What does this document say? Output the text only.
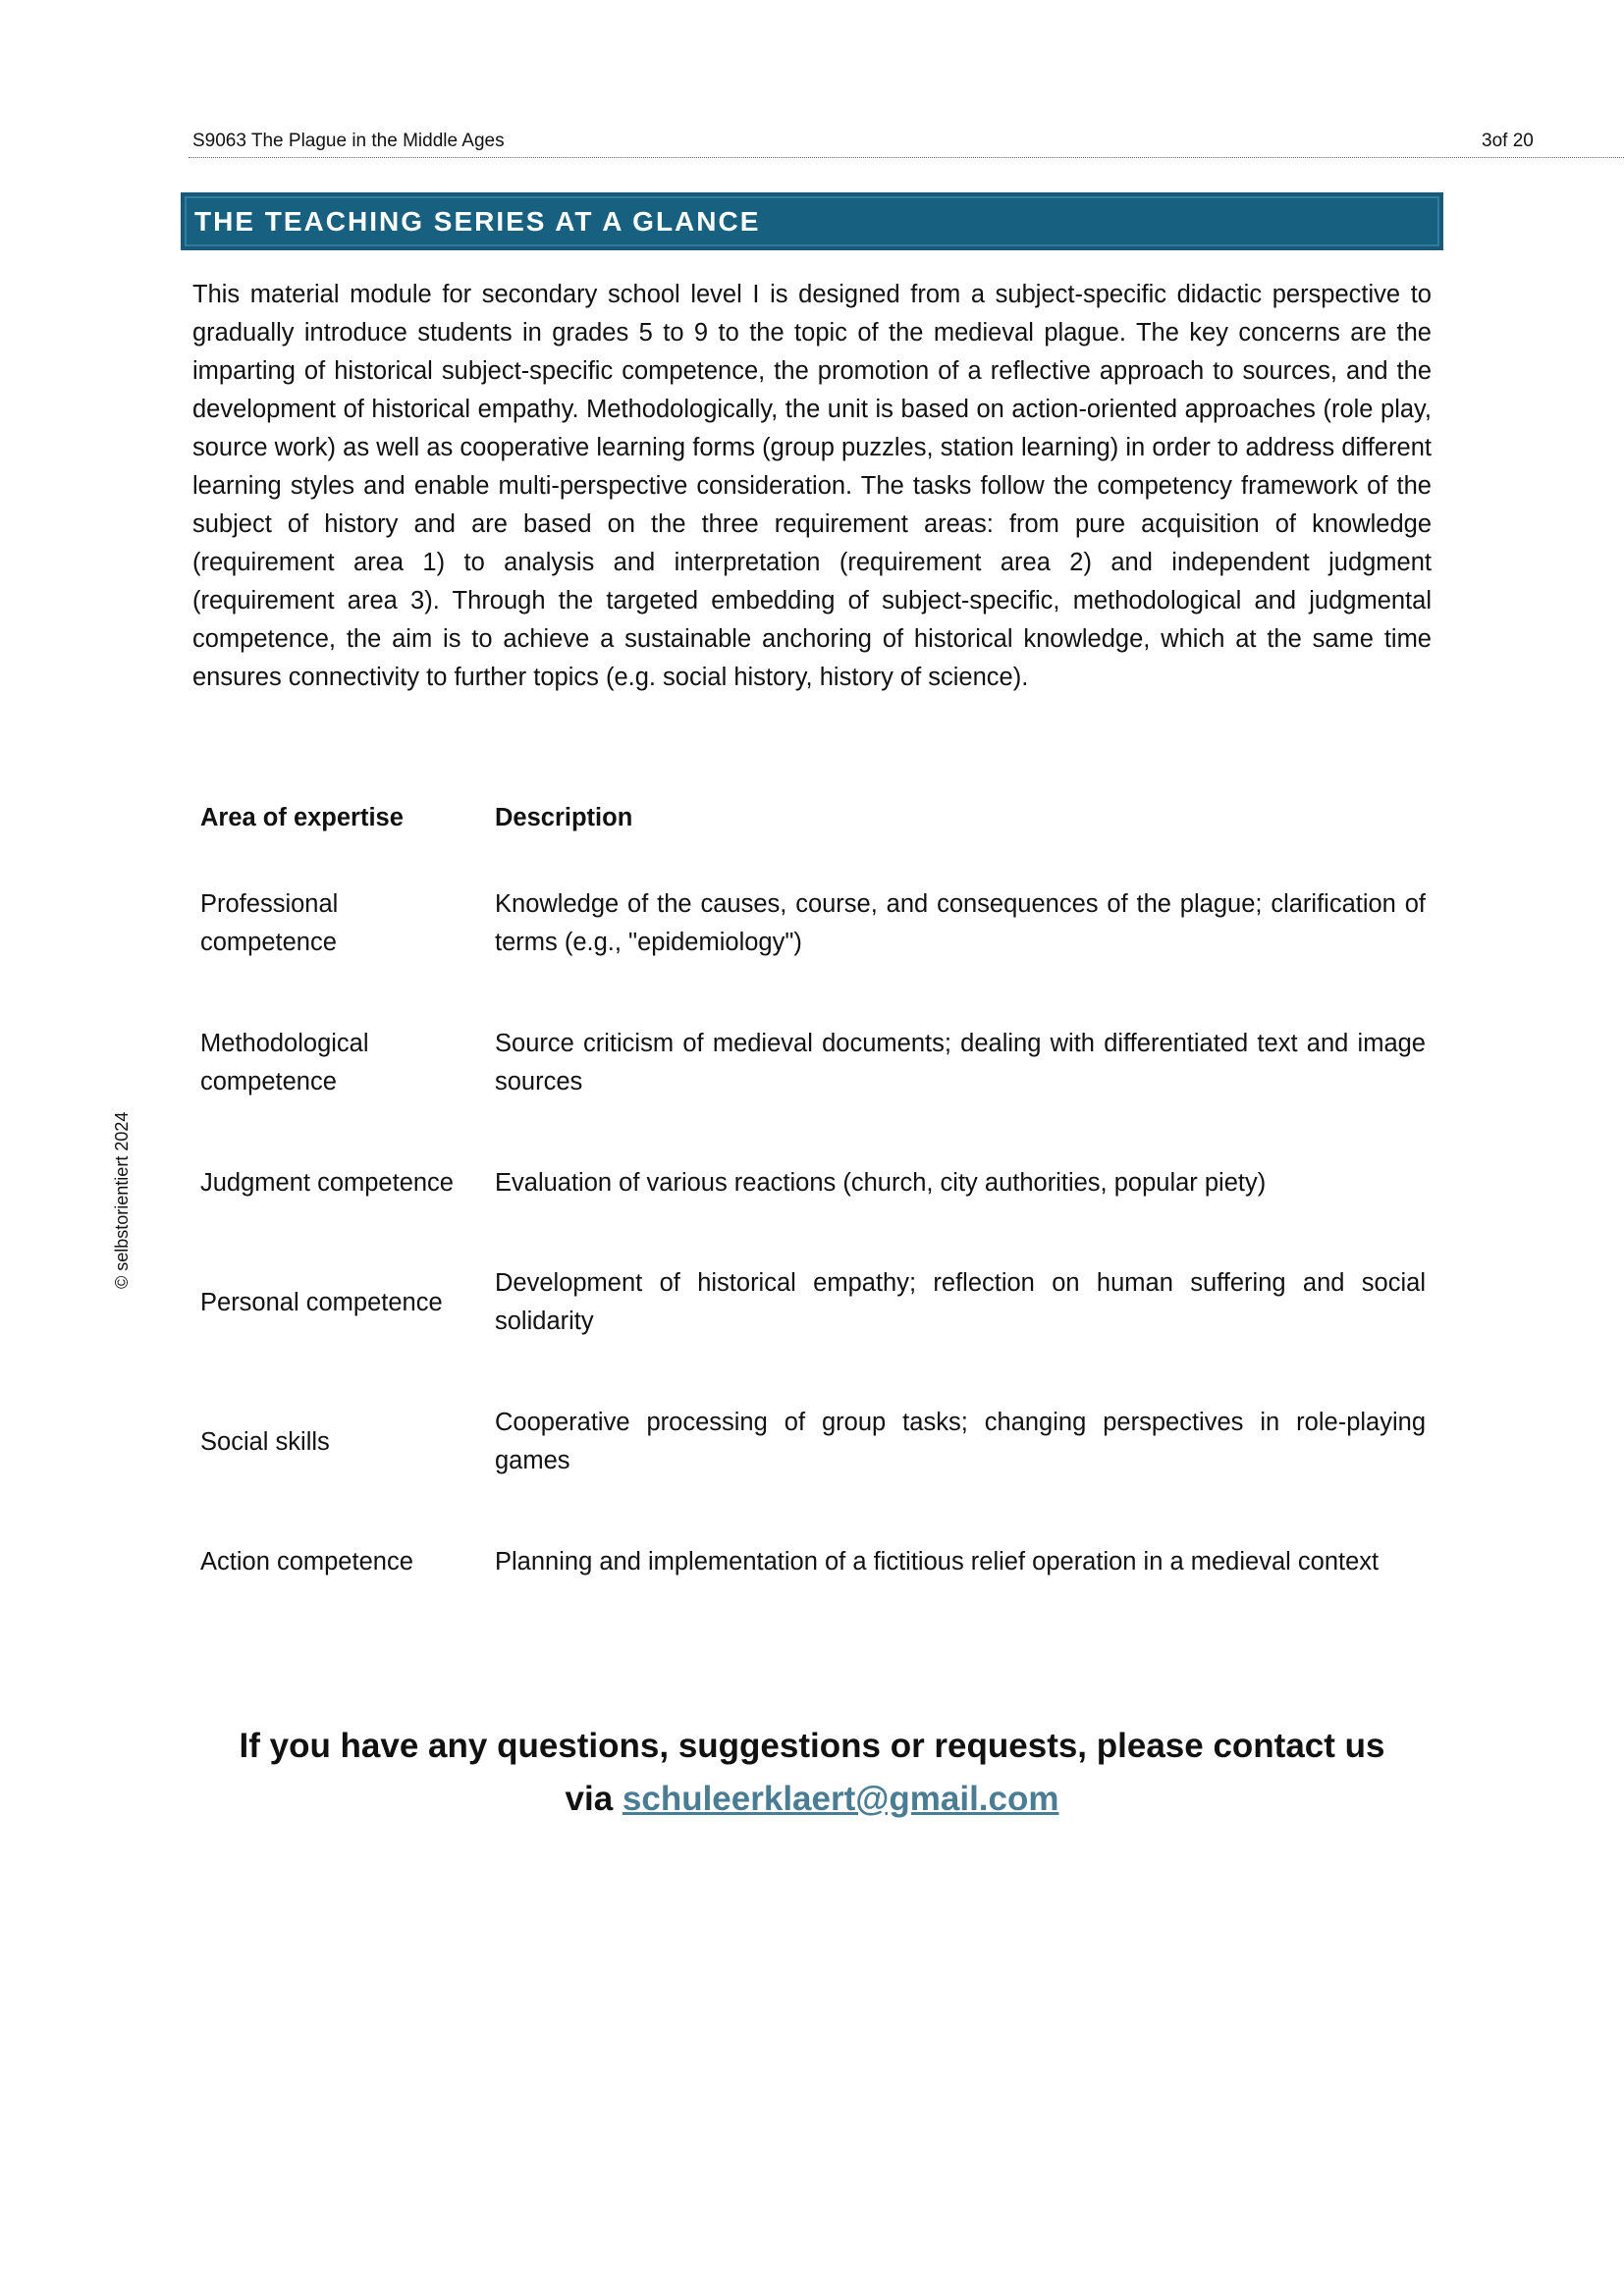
S9063 The Plague in the Middle Ages	3of 20
THE TEACHING SERIES AT A GLANCE

This material module for secondary school level I is designed from a subject-specific didactic perspective to gradually introduce students in grades 5 to 9 to the topic of the medieval plague. The key concerns are the imparting of historical subject-specific competence, the promotion of a reflective approach to sources, and the development of historical empathy. Methodologically, the unit is based on action-oriented approaches (role play, source work) as well as cooperative learning forms (group puzzles, station learning) in order to address different learning styles and enable multi-perspective consideration. The tasks follow the competency framework of the subject of history and are based on the three requirement areas: from pure acquisition of knowledge (requirement area 1) to analysis and interpretation (requirement area 2) and independent judgment (requirement area 3). Through the targeted embedding of subject-specific, methodological and judgmental competence, the aim is to achieve a sustainable anchoring of historical knowledge, which at the same time ensures connectivity to further topics (e.g. social history, history of science).

Area of expertise	Description
Professional competence	Knowledge of the causes, course, and consequences of the plague; clarification of terms (e.g., "epidemiology")
Methodological competence	Source criticism of medieval documents; dealing with differentiated text and image sources
Judgment competence	Evaluation of various reactions (church, city authorities, popular piety)
Personal competence	Development of historical empathy; reflection on human suffering and social solidarity
Social skills	Cooperative processing of group tasks; changing perspectives in role-playing games
Action competence	Planning and implementation of a fictitious relief operation in a medieval context
If you have any questions, suggestions or requests, please contact us
via schuleerklaert@gmail.com
© selbstorientiert 2024
